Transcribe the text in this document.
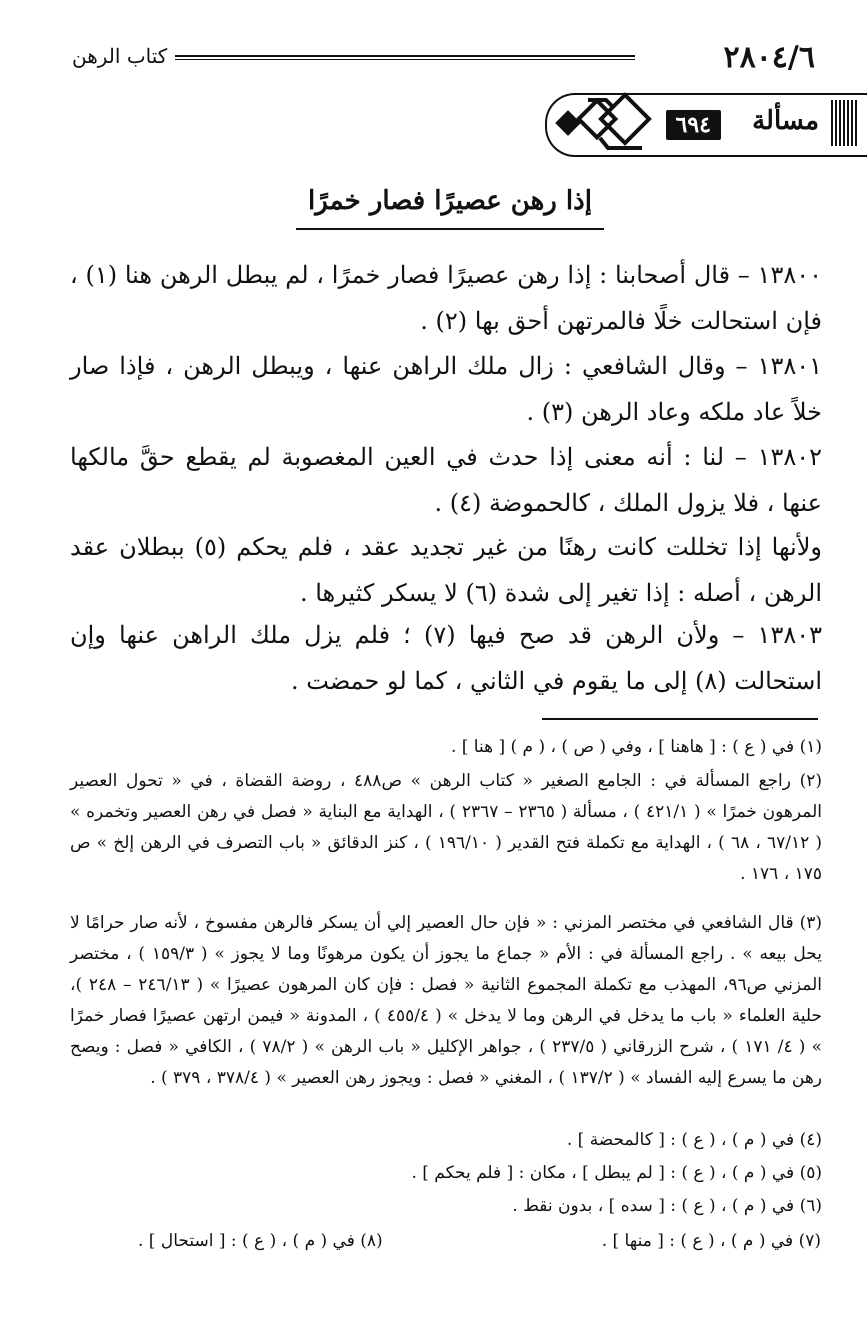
٢٨٠٤/٦
كتاب الرهن
مسألة
٦٩٤
إذا رهن عصيرًا فصار خمرًا
١٣٨٠٠ – قال أصحابنا : إذا رهن عصيرًا فصار خمرًا ، لم يبطل الرهن هنا (١) ، فإن استحالت خلًا فالمرتهن أحق بها (٢) .
١٣٨٠١ – وقال الشافعي : زال ملك الراهن عنها ، ويبطل الرهن ، فإذا صار خلاً عاد ملكه وعاد الرهن (٣) .
١٣٨٠٢ – لنا : أنه معنى إذا حدث في العين المغصوبة لم يقطع حقَّ مالكها عنها ، فلا يزول الملك ، كالحموضة (٤) .
ولأنها إذا تخللت كانت رهنًا من غير تجديد عقد ، فلم يحكم (٥) ببطلان عقد الرهن ، أصله : إذا تغير إلى شدة (٦) لا يسكر كثيرها .
١٣٨٠٣ – ولأن الرهن قد صح فيها (٧) ؛ فلم يزل ملك الراهن عنها وإن استحالت (٨) إلى ما يقوم في الثاني ، كما لو حمضت .
(١) في ( ع ) : [ هاهنا ] ، وفي ( ص ) ، ( م ) [ هنا ] .
(٢) راجع المسألة في : الجامع الصغير « كتاب الرهن » ص٤٨٨ ، روضة القضاة ، في « تحول العصير المرهون خمرًا » ( ٤٢١/١ ) ، مسألة ( ٢٣٦٥ – ٢٣٦٧ ) ، الهداية مع البناية « فصل في رهن العصير وتخمره » ( ٦٧/١٢ ، ٦٨ ) ، الهداية مع تكملة فتح القدير ( ١٩٦/١٠ ) ، كنز الدقائق « باب التصرف في الرهن إلخ » ص ١٧٥ ، ١٧٦ .
(٣) قال الشافعي في مختصر المزني : « فإن حال العصير إلي أن يسكر فالرهن مفسوخ ، لأنه صار حرامًا لا يحل بيعه » . راجع المسألة في : الأم « جماع ما يجوز أن يكون مرهونًا وما لا يجوز » ( ١٥٩/٣ ) ، مختصر المزني ص٩٦، المهذب مع تكملة المجموع الثانية « فصل : فإن كان المرهون عصيرًا » ( ٢٤٦/١٣ – ٢٤٨ )، حلية العلماء « باب ما يدخل في الرهن وما لا يدخل » ( ٤٥٥/٤ ) ، المدونة « فيمن ارتهن عصيرًا فصار خمرًا » ( ٤/ ١٧١ ) ، شرح الزرقاني ( ٢٣٧/٥ ) ، جواهر الإكليل « باب الرهن » ( ٧٨/٢ ) ، الكافي « فصل : ويصح رهن ما يسرع إليه الفساد » ( ١٣٧/٢ ) ، المغني « فصل : ويجوز رهن العصير » ( ٣٧٨/٤ ، ٣٧٩ ) .
(٤) في ( م ) ، ( ع ) : [ كالمحضة ] .
(٥) في ( م ) ، ( ع ) : [ لم يبطل ] ، مكان : [ فلم يحكم ] .
(٦) في ( م ) ، ( ع ) : [ سده ] ، بدون نقط .
(٧) في ( م ) ، ( ع ) : [ منها ] .
(٨) في ( م ) ، ( ع ) : [ استحال ] .
